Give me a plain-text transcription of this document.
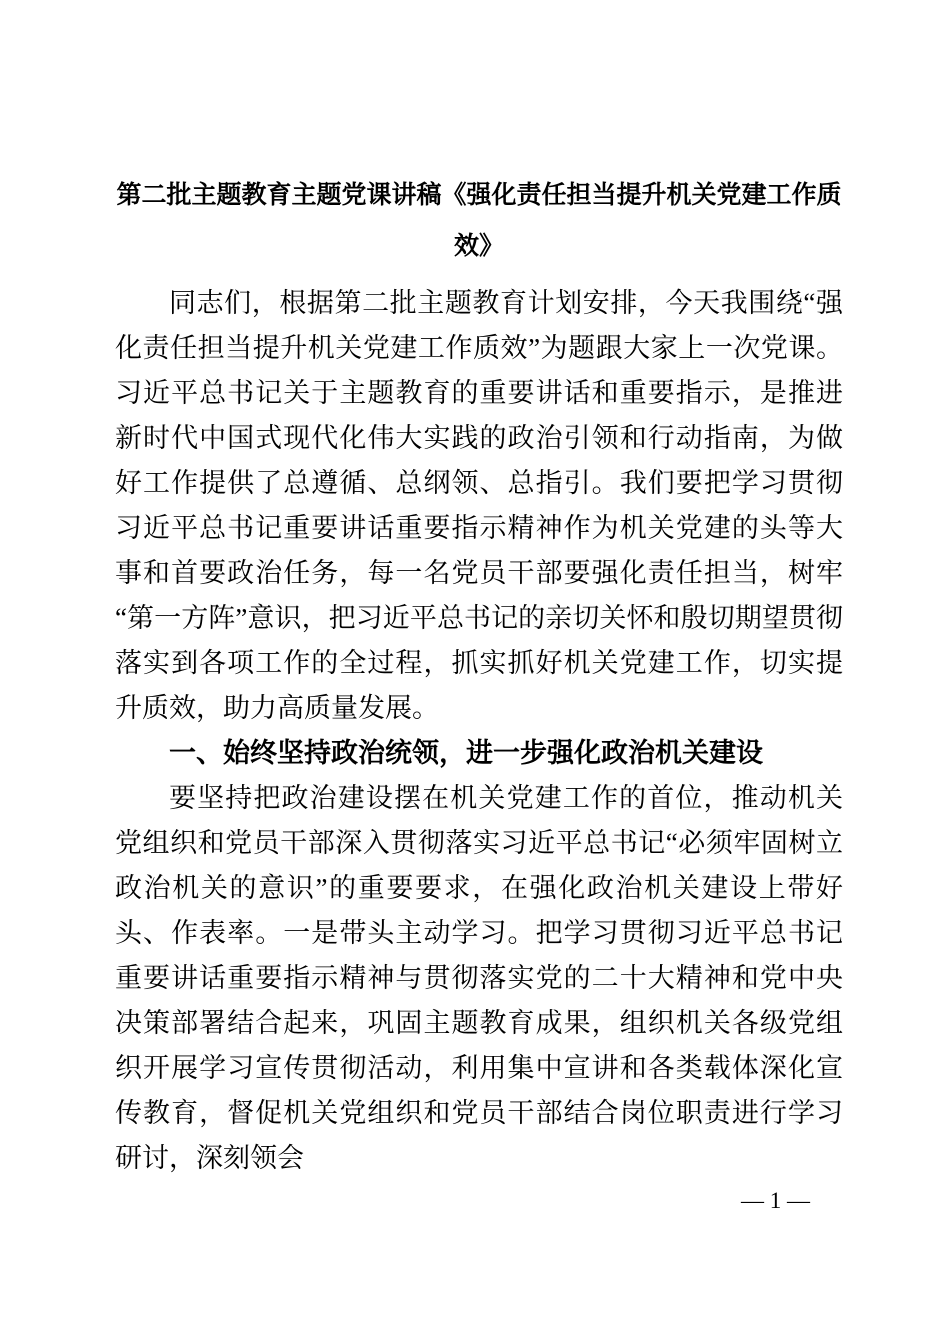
第二批主题教育主题党课讲稿《强化责任担当提升机关党建工作质效》

同志们，根据第二批主题教育计划安排，今天我围绕“强化责任担当提升机关党建工作质效”为题跟大家上一次党课。习近平总书记关于主题教育的重要讲话和重要指示，是推进新时代中国式现代化伟大实践的政治引领和行动指南，为做好工作提供了总遵循、总纲领、总指引。我们要把学习贯彻习近平总书记重要讲话重要指示精神作为机关党建的头等大事和首要政治任务，每一名党员干部要强化责任担当，树牢“第一方阵”意识，把习近平总书记的亲切关怀和殷切期望贯彻落实到各项工作的全过程，抓实抓好机关党建工作，切实提升质效，助力高质量发展。

一、始终坚持政治统领，进一步强化政治机关建设

要坚持把政治建设摆在机关党建工作的首位，推动机关党组织和党员干部深入贯彻落实习近平总书记“必须牢固树立政治机关的意识”的重要要求，在强化政治机关建设上带好头、作表率。一是带头主动学习。把学习贯彻习近平总书记重要讲话重要指示精神与贯彻落实党的二十大精神和党中央决策部署结合起来，巩固主题教育成果，组织机关各级党组织开展学习宣传贯彻活动，利用集中宣讲和各类载体深化宣传教育，督促机关党组织和党员干部结合岗位职责进行学习研讨，深刻领会

— 1 —
